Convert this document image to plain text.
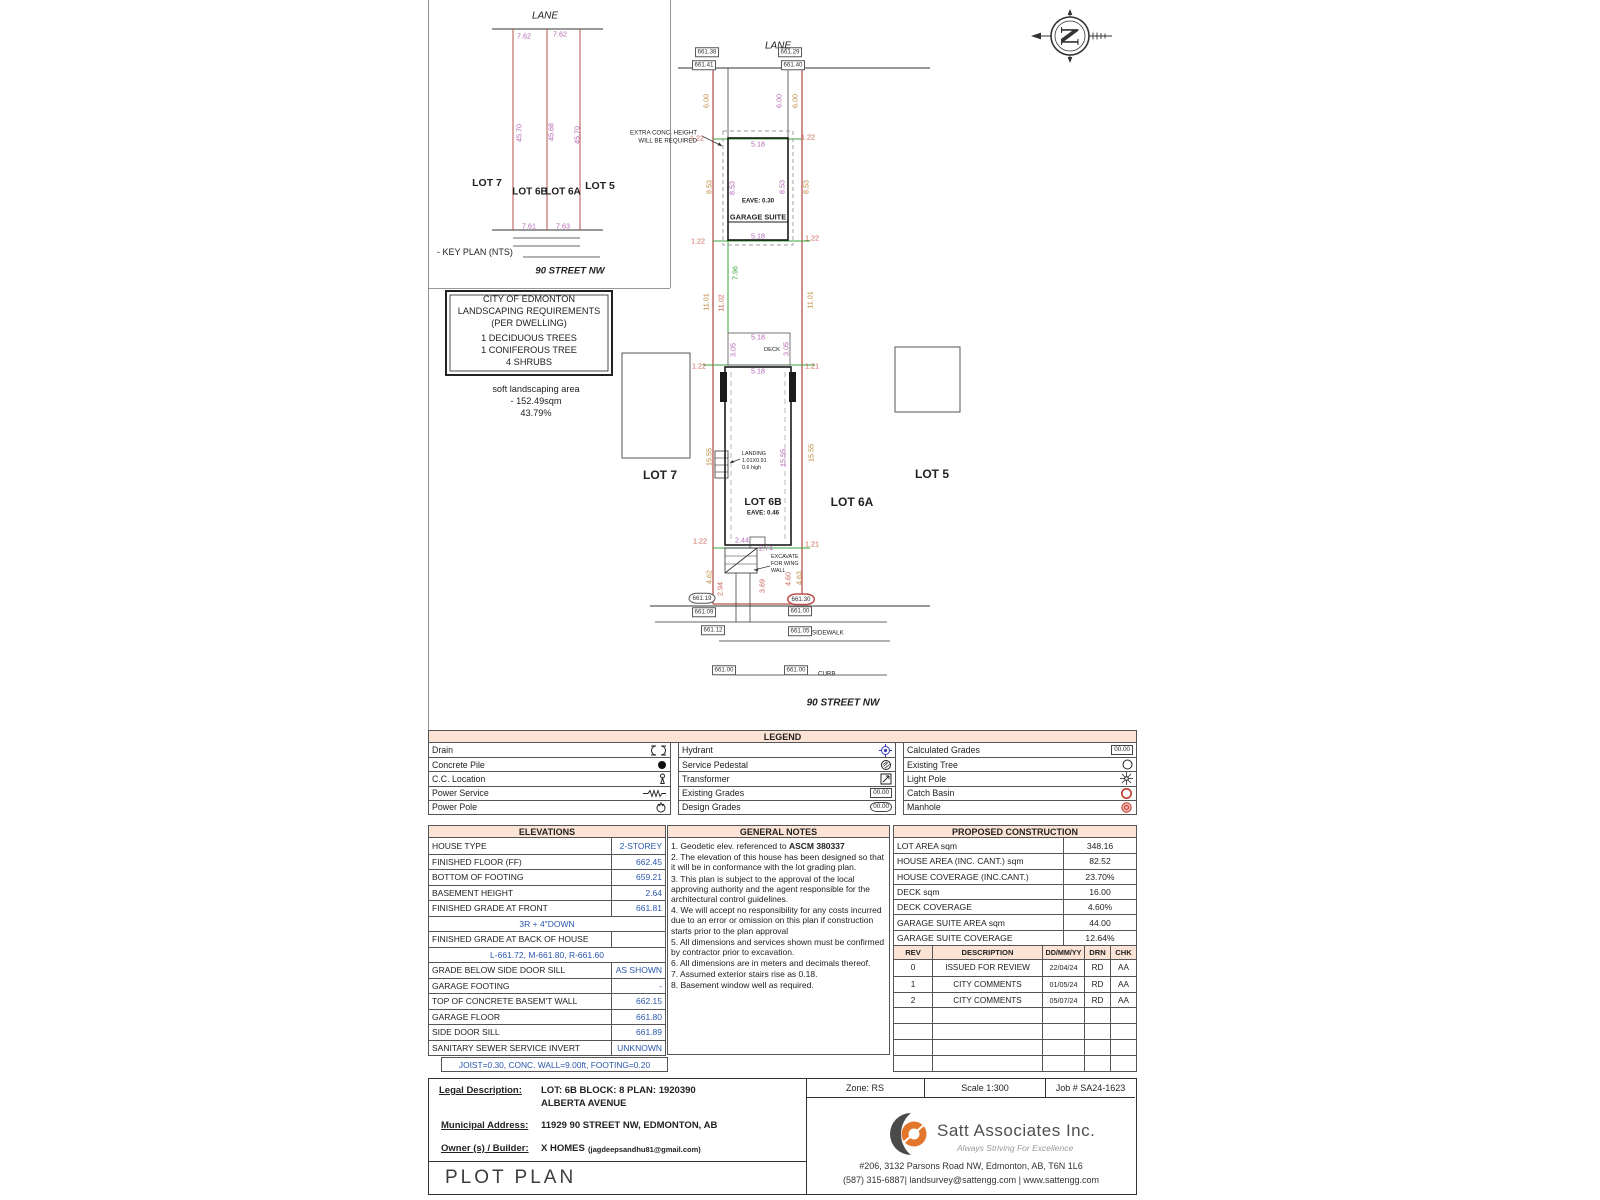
N
7.62	7.62
45.70	45.68 45.70
7.61	7.63
6.00	6.00 6.00
1.22	1.22
5.18
8.53 8.53	8.53 8.53
5.18
1.22	1.22
7.96
11.01 11.02	11.01
5.18
3.05	3.05
1.22	1.21
5.18
15.55	15.55	15.55
2.44
2.74
1.22	1.21
4.62
2.94	3.69 4.60 4.63
661.38
661.41
661.29
661.40
661.19	661.30
661.09	661.00
661.12	661.05
661.00	661.00
LANE
LOT 7
LOT 6B
LOT 6A LOT 5
- KEY PLAN (NTS)
90 STREET NW
CITY OF EDMONTON
LANDSCAPING REQUIREMENTS
(PER DWELLING)
1 DECIDUOUS TREES
1 CONIFEROUS TREE
4 SHRUBS
soft landscaping area
- 152.49sqm
43.79%
LANE
EXTRA CONC. HEIGHT
WILL BE REQUIRED
EAVE: 0.30
GARAGE SUITE
DECK
LANDING
1.01X0.91
0.6 high
LOT 6B
EAVE: 0.46
LOT 7
LOT 6A
LOT 5
EXCAVATE
FOR WING
WALL
SIDEWALK
CURB
90 STREET NW
LEGEND
Drain
Concrete Pile
C.C. Location
Power Service
Power Pole
Hydrant
Service Pedestal
Transformer
Existing Grades	00.00
Design Grades	00.00
Calculated Grades	00.00
Existing Tree
Light Pole
Catch Basin
Manhole
ELEVATIONS
HOUSE TYPE	2-STOREY
FINISHED FLOOR (FF)	662.45
BOTTOM OF FOOTING	659.21
BASEMENT HEIGHT	2.64
FINISHED GRADE AT FRONT	661.81
3R + 4"DOWN
FINISHED GRADE AT BACK OF HOUSE
L-661.72, M-661.80, R-661.60
GRADE BELOW SIDE DOOR SILL	AS SHOWN
GARAGE FOOTING	-
TOP OF CONCRETE BASEM'T WALL	662.15
GARAGE FLOOR	661.80
SIDE DOOR SILL	661.89
SANITARY SEWER SERVICE INVERT	UNKNOWN
JOIST=0.30, CONC. WALL=9.00ft, FOOTING=0.20
GENERAL NOTES

1. Geodetic elev. referenced to ASCM 380337

2. The elevation of this house has been designed so that it will be in conformance with the lot grading plan.

3. This plan is subject to the approval of the local approving authority and the agent responsible for the architectural control guidelines.

4. We will accept no responsibility for any costs incurred due to an error or omission on this plan if construction starts prior to the plan approval

5. All dimensions and services shown must be confirmed by contractor prior to excavation.

6. All dimensions are in meters and decimals thereof.

7. Assumed exterior stairs rise as 0.18.

8. Basement window well as required.

PROPOSED CONSTRUCTION
LOT AREA sqm	348.16
HOUSE AREA (INC. CANT.) sqm	82.52
HOUSE COVERAGE (INC.CANT.)	23.70%
DECK sqm	16.00
DECK COVERAGE	4.60%
GARAGE SUITE AREA sqm	44.00
GARAGE SUITE COVERAGE	12.64%
REV	DESCRIPTION	DD/MM/YY	DRN	CHK
0	ISSUED FOR REVIEW	22/04/24	RD	AA
1	CITY COMMENTS	01/05/24	RD	AA
2	CITY COMMENTS	05/07/24	RD	AA
Legal Description: LOT: 6B BLOCK: 8 PLAN: 1920390
ALBERTA AVENUE
Municipal Address: 11929 90 STREET NW, EDMONTON, AB
Owner (s) / Builder: X HOMES (jagdeepsandhu81@gmail.com)
PLOT PLAN
Zone: RS	Scale 1:300	Job # SA24-1623
Satt Associates Inc.
Always Striving For Excellence
#206, 3132 Parsons Road NW, Edmonton, AB, T6N 1L6
(587) 315-6887| landsurvey@sattengg.com | www.sattengg.com
